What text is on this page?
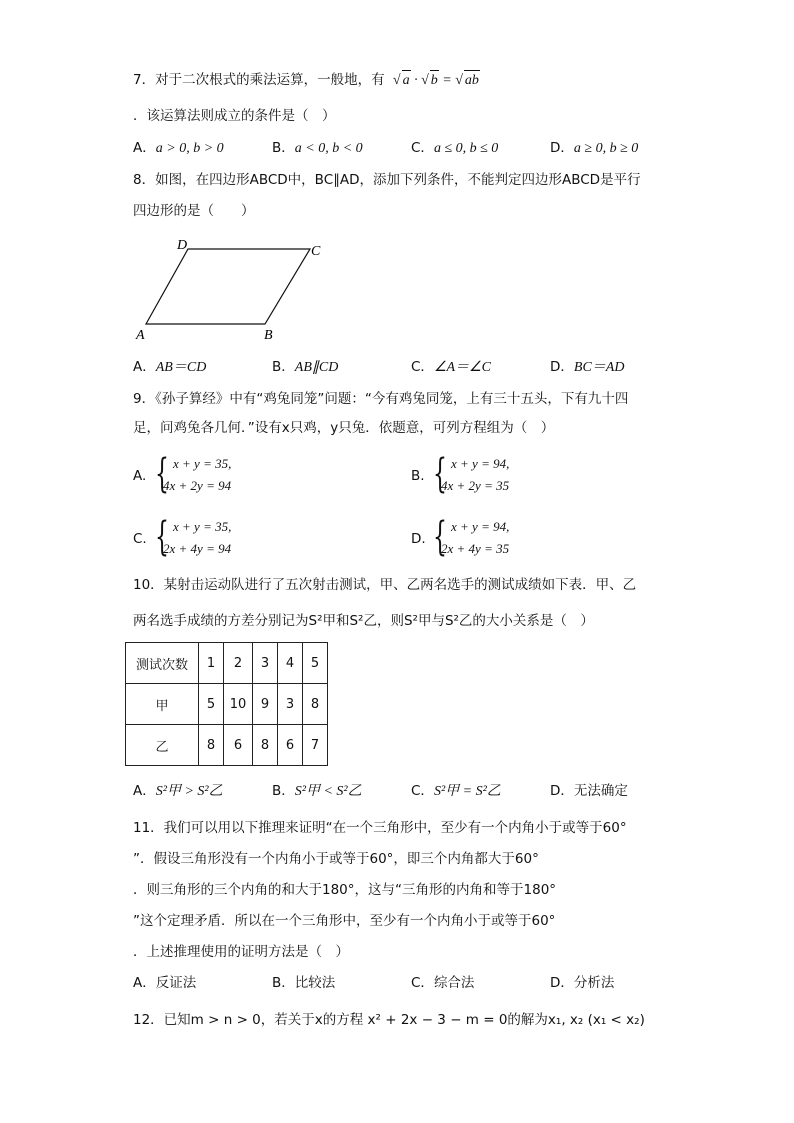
7．对于二次根式的乘法运算，一般地，有 √ a · √ b = √ ab
．该运算法则成立的条件是（　）
A．a > 0, b > 0	B．a < 0, b < 0	C．a ≤ 0, b ≤ 0	D．a ≥ 0, b ≥ 0
8．如图，在四边形ABCD中，BC∥AD，添加下列条件，不能判定四边形ABCD是平行
四边形的是（　　）
A	B
C
D
A．AB＝CD	B．AB∥CD	C．∠A＝∠C	D．BC＝AD
9．《孙子算经》中有“鸡兔同笼”问题：“今有鸡兔同笼，上有三十五头，下有九十四
足，问鸡兔各几何．”设有x只鸡，y只兔．依题意，可列方程组为（　）
A. { x + y = 35,
4x + 2y = 94
B. { x + y = 94,
4x + 2y = 35
C. { x + y = 35,
2x + 4y = 94
D. { x + y = 94,
2x + 4y = 35
10．某射击运动队进行了五次射击测试，甲、乙两名选手的测试成绩如下表．甲、乙
两名选手成绩的方差分别记为S²甲和S²乙，则S²甲与S²乙的大小关系是（　）
测试次数	1	2	3	4	5
甲	5	10	9	3	8
乙	8	6	8	6	7
A．S²甲 > S²乙	B．S²甲 < S²乙	C．S²甲 = S²乙	D．无法确定
11．我们可以用以下推理来证明“在一个三角形中，至少有一个内角小于或等于60°
”．假设三角形没有一个内角小于或等于60°，即三个内角都大于60°
．则三角形的三个内角的和大于180°，这与“三角形的内角和等于180°
”这个定理矛盾．所以在一个三角形中，至少有一个内角小于或等于60°
．上述推理使用的证明方法是（　）
A．反证法	B．比较法	C．综合法	D．分析法
12．已知m > n > 0，若关于x的方程 x² + 2x − 3 − m = 0的解为x₁, x₂ (x₁ < x₂)
